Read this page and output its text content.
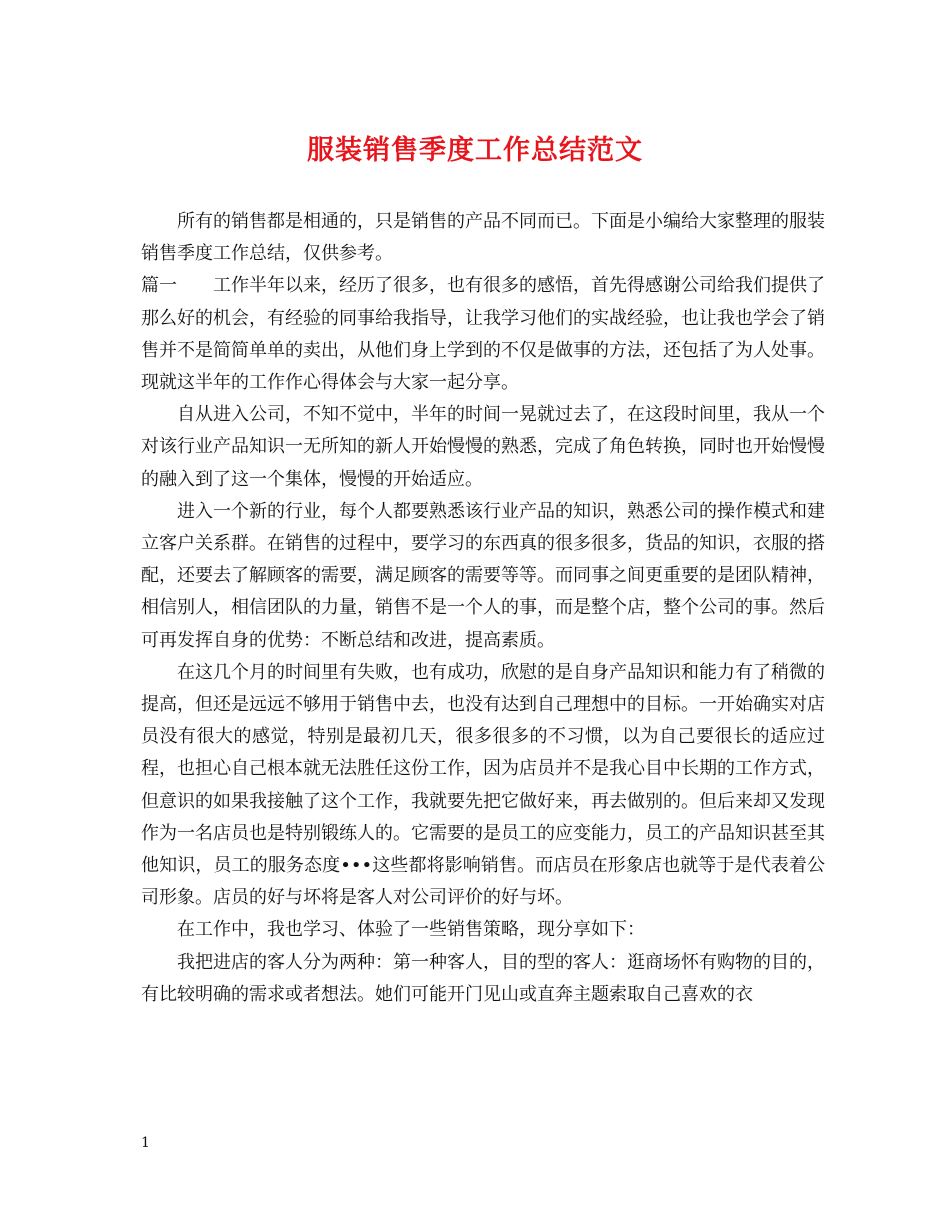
服装销售季度工作总结范文

所有的销售都是相通的，只是销售的产品不同而已。下面是小编给大家整理的服装销售季度工作总结，仅供参考。

篇一 工作半年以来，经历了很多，也有很多的感悟，首先得感谢公司给我们提供了那么好的机会，有经验的同事给我指导，让我学习他们的实战经验，也让我也学会了销售并不是简简单单的卖出，从他们身上学到的不仅是做事的方法，还包括了为人处事。现就这半年的工作作心得体会与大家一起分享。

自从进入公司，不知不觉中，半年的时间一晃就过去了，在这段时间里，我从一个对该行业产品知识一无所知的新人开始慢慢的熟悉，完成了角色转换，同时也开始慢慢的融入到了这一个集体，慢慢的开始适应。

进入一个新的行业，每个人都要熟悉该行业产品的知识，熟悉公司的操作模式和建立客户关系群。在销售的过程中，要学习的东西真的很多很多，货品的知识，衣服的搭配，还要去了解顾客的需要，满足顾客的需要等等。而同事之间更重要的是团队精神，相信别人，相信团队的力量，销售不是一个人的事，而是整个店，整个公司的事。然后可再发挥自身的优势：不断总结和改进，提高素质。

在这几个月的时间里有失败，也有成功，欣慰的是自身产品知识和能力有了稍微的提高，但还是远远不够用于销售中去，也没有达到自己理想中的目标。一开始确实对店员没有很大的感觉，特别是最初几天，很多很多的不习惯，以为自己要很长的适应过程，也担心自己根本就无法胜任这份工作，因为店员并不是我心目中长期的工作方式，但意识的如果我接触了这个工作，我就要先把它做好来，再去做别的。但后来却又发现作为一名店员也是特别锻练人的。它需要的是员工的应变能力，员工的产品知识甚至其他知识，员工的服务态度•••这些都将影响销售。而店员在形象店也就等于是代表着公司形象。店员的好与坏将是客人对公司评价的好与坏。

在工作中，我也学习、体验了一些销售策略，现分享如下：

我把进店的客人分为两种：第一种客人，目的型的客人：逛商场怀有购物的目的，有比较明确的需求或者想法。她们可能开门见山或直奔主题索取自己喜欢的衣

1
